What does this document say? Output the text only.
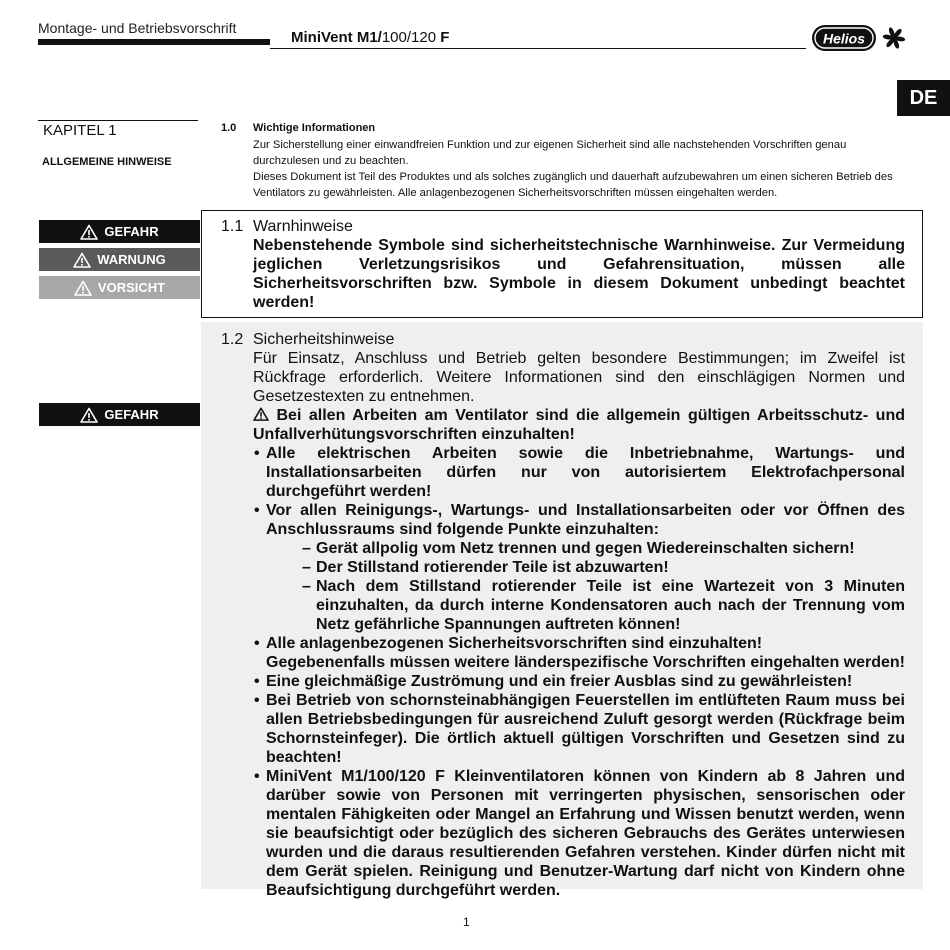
Montage- und Betriebsvorschrift
MiniVent M1/100/120 F	Helios
DE
KAPITEL 1
ALLGEMEINE HINWEISE
1.0 Wichtige Informationen
Zur Sicherstellung einer einwandfreien Funktion und zur eigenen Sicherheit sind alle nachstehenden Vorschriften genau durchzulesen und zu beachten.
Dieses Dokument ist Teil des Produktes und als solches zugänglich und dauerhaft aufzubewahren um einen sicheren Betrieb des Ventilators zu gewährleisten. Alle anlagenbezogenen Sicherheitsvorschriften müssen eingehalten werden.
GEFAHR
WARNUNG
VORSICHT
1.1 Warnhinweise
Nebenstehende Symbole sind sicherheitstechnische Warnhinweise. Zur Vermeidung jeglichen Verletzungsrisikos und Gefahrensituation, müssen alle Sicherheitsvorschriften bzw. Symbole in diesem Dokument unbedingt beachtet werden!
GEFAHR
1.2 Sicherheitshinweise
Für Einsatz, Anschluss und Betrieb gelten besondere Bestimmungen; im Zweifel ist Rückfrage erforderlich. Weitere Informationen sind den einschlägigen Normen und Gesetzestexten zu entnehmen.
Bei allen Arbeiten am Ventilator sind die allgemein gültigen Arbeitsschutz- und Unfallverhütungsvorschriften einzuhalten!
• Alle elektrischen Arbeiten sowie die Inbetriebnahme, Wartungs- und Installationsarbeiten dürfen nur von autorisiertem Elektrofachpersonal durchgeführt werden!
• Vor allen Reinigungs-, Wartungs- und Installationsarbeiten oder vor Öffnen des Anschlussraums sind folgende Punkte einzuhalten:
– Gerät allpolig vom Netz trennen und gegen Wiedereinschalten sichern!
– Der Stillstand rotierender Teile ist abzuwarten!
– Nach dem Stillstand rotierender Teile ist eine Wartezeit von 3 Minuten einzuhalten, da durch interne Kondensatoren auch nach der Trennung vom Netz gefährliche Spannungen auftreten können!
• Alle anlagenbezogenen Sicherheitsvorschriften sind einzuhalten!
Gegebenenfalls müssen weitere länderspezifische Vorschriften eingehalten werden!
• Eine gleichmäßige Zuströmung und ein freier Ausblas sind zu gewährleisten!
• Bei Betrieb von schornsteinabhängigen Feuerstellen im entlüfteten Raum muss bei allen Betriebsbedingungen für ausreichend Zuluft gesorgt werden (Rückfrage beim Schornsteinfeger). Die örtlich aktuell gültigen Vorschriften und Gesetzen sind zu beachten!
• MiniVent M1/100/120 F Kleinventilatoren können von Kindern ab 8 Jahren und darüber sowie von Personen mit verringerten physischen, sensorischen oder mentalen Fähigkeiten oder Mangel an Erfahrung und Wissen benutzt werden, wenn sie beaufsichtigt oder bezüglich des sicheren Gebrauchs des Gerätes unterwiesen wurden und die daraus resultierenden Gefahren verstehen. Kinder dürfen nicht mit dem Gerät spielen. Reinigung und Benutzer-Wartung darf nicht von Kindern ohne Beaufsichtigung durchgeführt werden.
1
